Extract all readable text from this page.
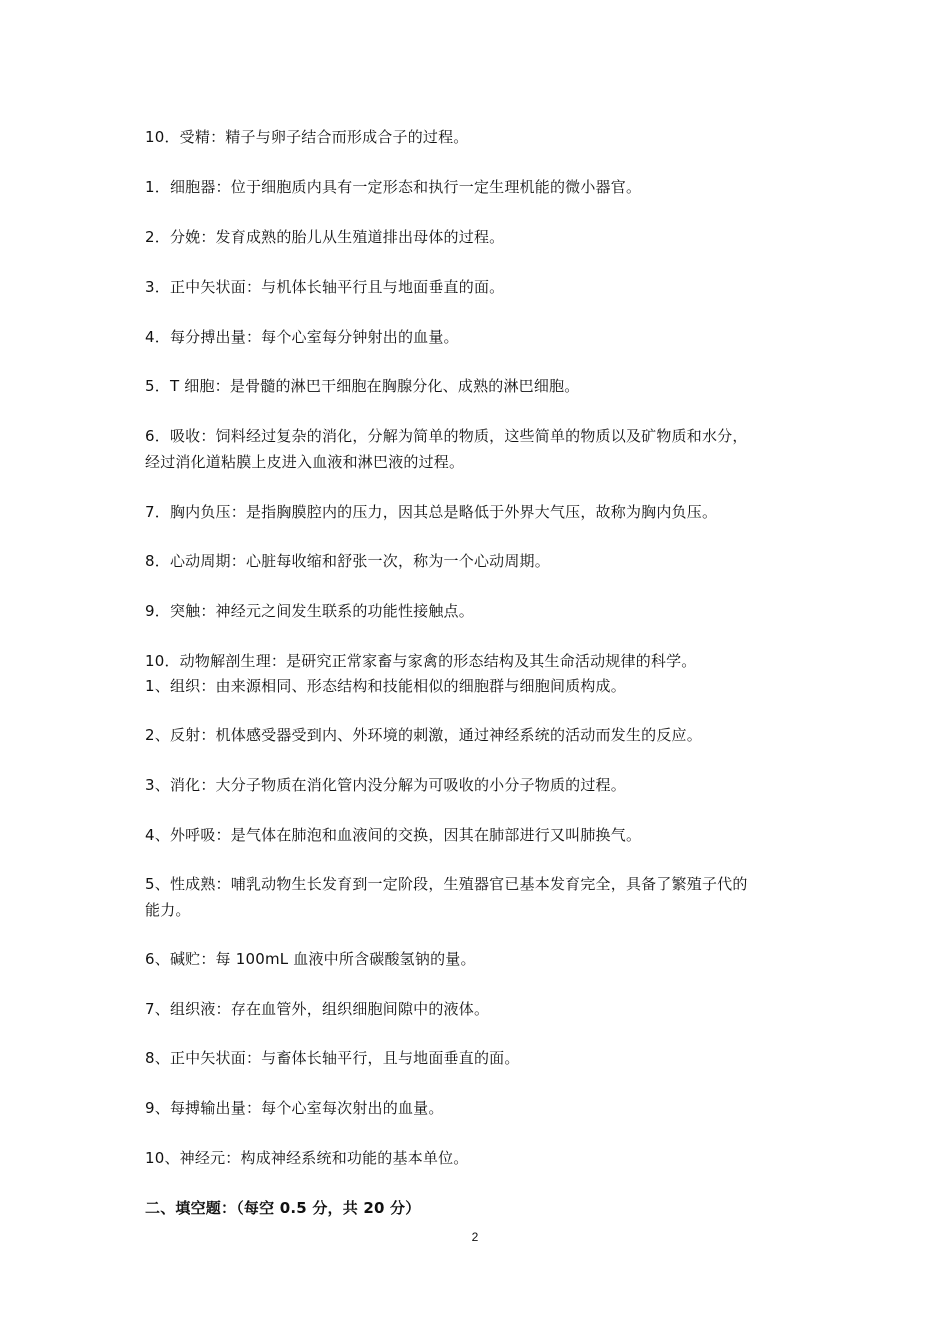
10．受精：精子与卵子结合而形成合子的过程。
1．细胞器：位于细胞质内具有一定形态和执行一定生理机能的微小器官。
2．分娩：发育成熟的胎儿从生殖道排出母体的过程。
3．正中矢状面：与机体长轴平行且与地面垂直的面。
4．每分搏出量：每个心室每分钟射出的血量。
5．T 细胞：是骨髓的淋巴干细胞在胸腺分化、成熟的淋巴细胞。
6．吸收：饲料经过复杂的消化，分解为简单的物质，这些简单的物质以及矿物质和水分，
经过消化道粘膜上皮进入血液和淋巴液的过程。
7．胸内负压：是指胸膜腔内的压力，因其总是略低于外界大气压，故称为胸内负压。
8．心动周期：心脏每收缩和舒张一次，称为一个心动周期。
9．突触：神经元之间发生联系的功能性接触点。
10．动物解剖生理：是研究正常家畜与家禽的形态结构及其生命活动规律的科学。
1、组织：由来源相同、形态结构和技能相似的细胞群与细胞间质构成。
2、反射：机体感受器受到内、外环境的刺激，通过神经系统的活动而发生的反应。
3、消化：大分子物质在消化管内没分解为可吸收的小分子物质的过程。
4、外呼吸：是气体在肺泡和血液间的交换，因其在肺部进行又叫肺换气。
5、性成熟：哺乳动物生长发育到一定阶段，生殖器官已基本发育完全，具备了繁殖子代的
能力。
6、碱贮：每 100mL 血液中所含碳酸氢钠的量。
7、组织液：存在血管外，组织细胞间隙中的液体。
8、正中矢状面：与畜体长轴平行，且与地面垂直的面。
9、每搏输出量：每个心室每次射出的血量。
10、神经元：构成神经系统和功能的基本单位。
二、填空题：（每空 0.5 分，共 20 分）
2
